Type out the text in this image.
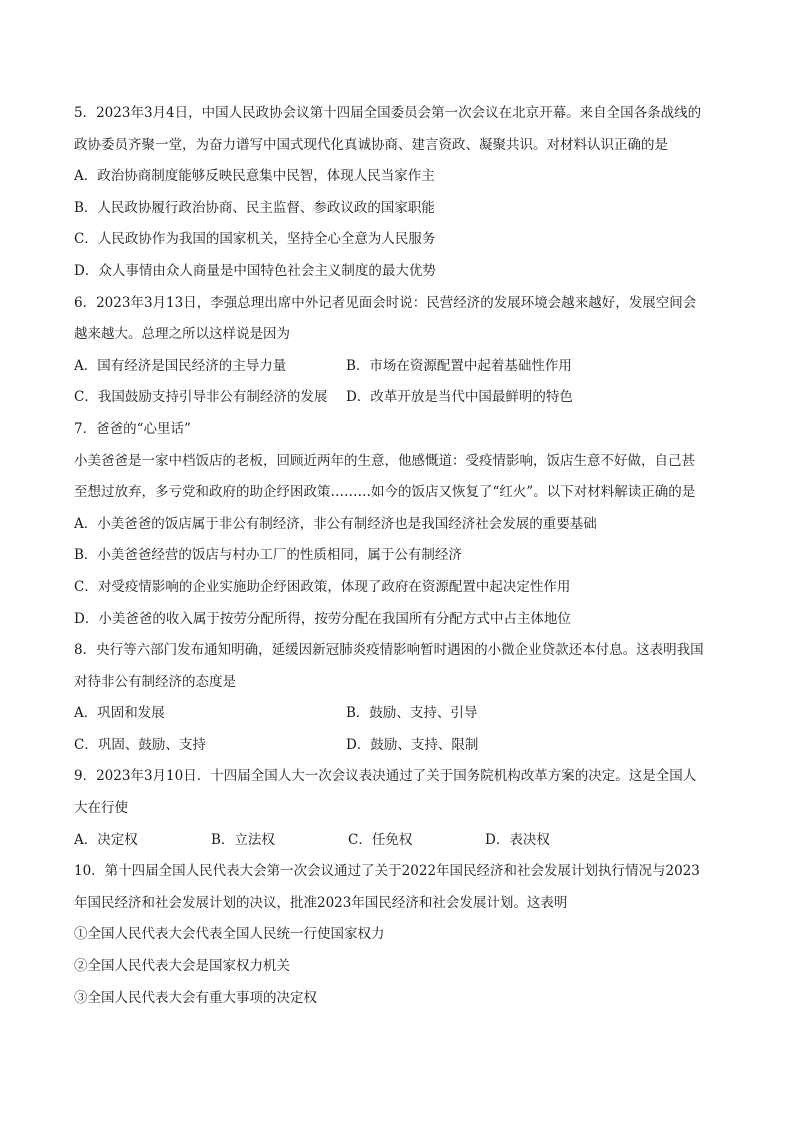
5．2023年3月4日，中国人民政协会议第十四届全国委员会第一次会议在北京开幕。来自全国各条战线的
政协委员齐聚一堂，为奋力谱写中国式现代化真诚协商、建言资政、凝聚共识。对材料认识正确的是
A．政治协商制度能够反映民意集中民智，体现人民当家作主
B．人民政协履行政治协商、民主监督、参政议政的国家职能
C．人民政协作为我国的国家机关，坚持全心全意为人民服务
D．众人事情由众人商量是中国特色社会主义制度的最大优势
6．2023年3月13日，李强总理出席中外记者见面会时说：民营经济的发展环境会越来越好，发展空间会
越来越大。总理之所以这样说是因为
A．国有经济是国民经济的主导力量	B．市场在资源配置中起着基础性作用
C．我国鼓励支持引导非公有制经济的发展	D．改革开放是当代中国最鲜明的特色
7．爸爸的“心里话”
小美爸爸是一家中档饭店的老板，回顾近两年的生意，他感慨道：受疫情影响，饭店生意不好做，自己甚
至想过放弃，多亏党和政府的助企纾困政策………如今的饭店又恢复了“红火”。以下对材料解读正确的是
A．小美爸爸的饭店属于非公有制经济，非公有制经济也是我国经济社会发展的重要基础
B．小美爸爸经营的饭店与村办工厂的性质相同，属于公有制经济
C．对受疫情影响的企业实施助企纾困政策，体现了政府在资源配置中起决定性作用
D．小美爸爸的收入属于按劳分配所得，按劳分配在我国所有分配方式中占主体地位
8．央行等六部门发布通知明确，延缓因新冠肺炎疫情影响暂时遇困的小微企业贷款还本付息。这表明我国
对待非公有制经济的态度是
A．巩固和发展	B．鼓励、支持、引导
C．巩固、鼓励、支持	D．鼓励、支持、限制
9．2023年3月10日．十四届全国人大一次会议表决通过了关于国务院机构改革方案的决定。这是全国人
大在行使
A．决定权	B．立法权	C．任免权	D．表决权
10．第十四届全国人民代表大会第一次会议通过了关于2022年国民经济和社会发展计划执行情况与2023
年国民经济和社会发展计划的决议，批准2023年国民经济和社会发展计划。这表明
①全国人民代表大会代表全国人民统一行使国家权力
②全国人民代表大会是国家权力机关
③全国人民代表大会有重大事项的决定权
